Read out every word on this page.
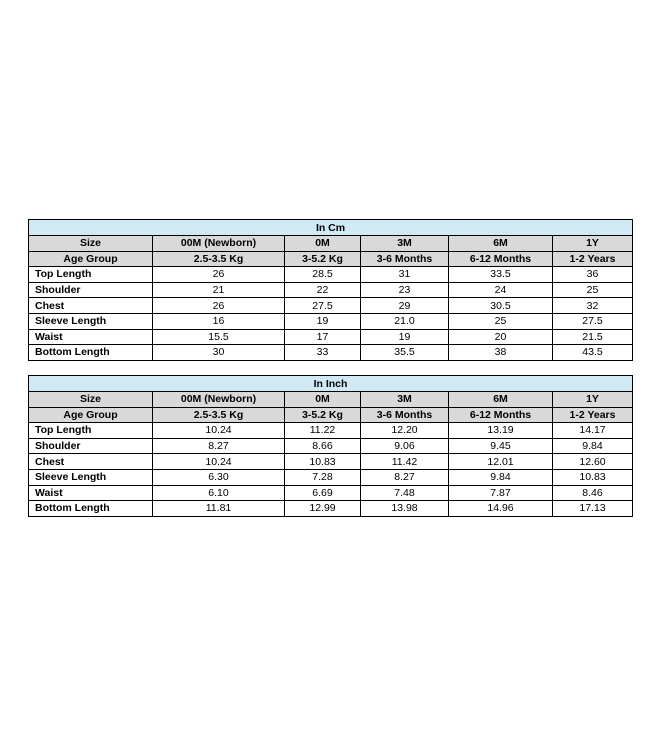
In Cm					
Size	00M (Newborn)	0M	3M	6M	1Y
Age Group	2.5-3.5 Kg	3-5.2 Kg	3-6 Months	6-12 Months	1-2 Years
Top Length	26	28.5	31	33.5	36
Shoulder	21	22	23	24	25
Chest	26	27.5	29	30.5	32
Sleeve Length	16	19	21.0	25	27.5
Waist	15.5	17	19	20	21.5
Bottom Length	30	33	35.5	38	43.5
In Inch					
Size	00M (Newborn)	0M	3M	6M	1Y
Age Group	2.5-3.5 Kg	3-5.2 Kg	3-6 Months	6-12 Months	1-2 Years
Top Length	10.24	11.22	12.20	13.19	14.17
Shoulder	8.27	8.66	9.06	9.45	9.84
Chest	10.24	10.83	11.42	12.01	12.60
Sleeve Length	6.30	7.28	8.27	9.84	10.83
Waist	6.10	6.69	7.48	7.87	8.46
Bottom Length	11.81	12.99	13.98	14.96	17.13
